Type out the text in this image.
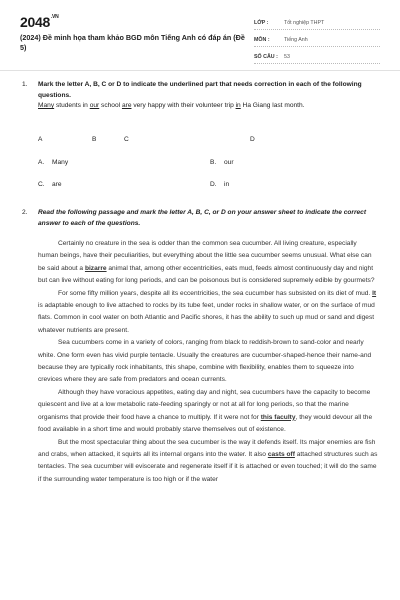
$2048^{.VN}$
(2024) Đề minh họa tham khảo BGD môn Tiếng Anh có đáp án (Đề 5)
LỚP :	Tốt nghiệp THPT
MÔN :	Tiếng Anh
SỐ CÂU :	53
1. Mark the letter A, B, C or D to indicate the underlined part that needs correction in each of the following questions.
Many students in our school are very happy with their volunteer trip in Ha Giang last month.
A	B	C	D
A. Many	B. our
C. are	D. in
2. Read the following passage and mark the letter A, B, C, or D on your answer sheet to indicate the correct answer to each of the questions.

Certainly no creature in the sea is odder than the common sea cucumber. All living creature, especially human beings, have their peculiarities, but everything about the little sea cucumber seems unusual. What else can be said about a bizarre animal that, among other eccentricities, eats mud, feeds almost continuously day and night but can live without eating for long periods, and can be poisonous but is considered supremely edible by gourmets?

For some fifty million years, despite all its eccentricities, the sea cucumber has subsisted on its diet of mud. It is adaptable enough to live attached to rocks by its tube feet, under rocks in shallow water, or on the surface of mud flats. Common in cool water on both Atlantic and Pacific shores, it has the ability to such up mud or sand and digest whatever nutrients are present.

Sea cucumbers come in a variety of colors, ranging from black to reddish-brown to sand-color and nearly white. One form even has vivid purple tentacle. Usually the creatures are cucumber-shaped-hence their name-and because they are typically rock inhabitants, this shape, combine with flexibility, enables them to squeeze into crevices where they are safe from predators and ocean currents.

Although they have voracious appetites, eating day and night, sea cucumbers have the capacity to become quiescent and live at a low metabolic rate-feeding sparingly or not at all for long periods, so that the marine organisms that provide their food have a chance to multiply. If it were not for this faculty, they would devour all the food available in a short time and would probably starve themselves out of existence.

But the most spectacular thing about the sea cucumber is the way it defends itself. Its major enemies are fish and crabs, when attacked, it squirts all its internal organs into the water. It also casts off attached structures such as tentacles. The sea cucumber will eviscerate and regenerate itself if it is attached or even touched; it will do the same if the surrounding water temperature is too high or if the water
